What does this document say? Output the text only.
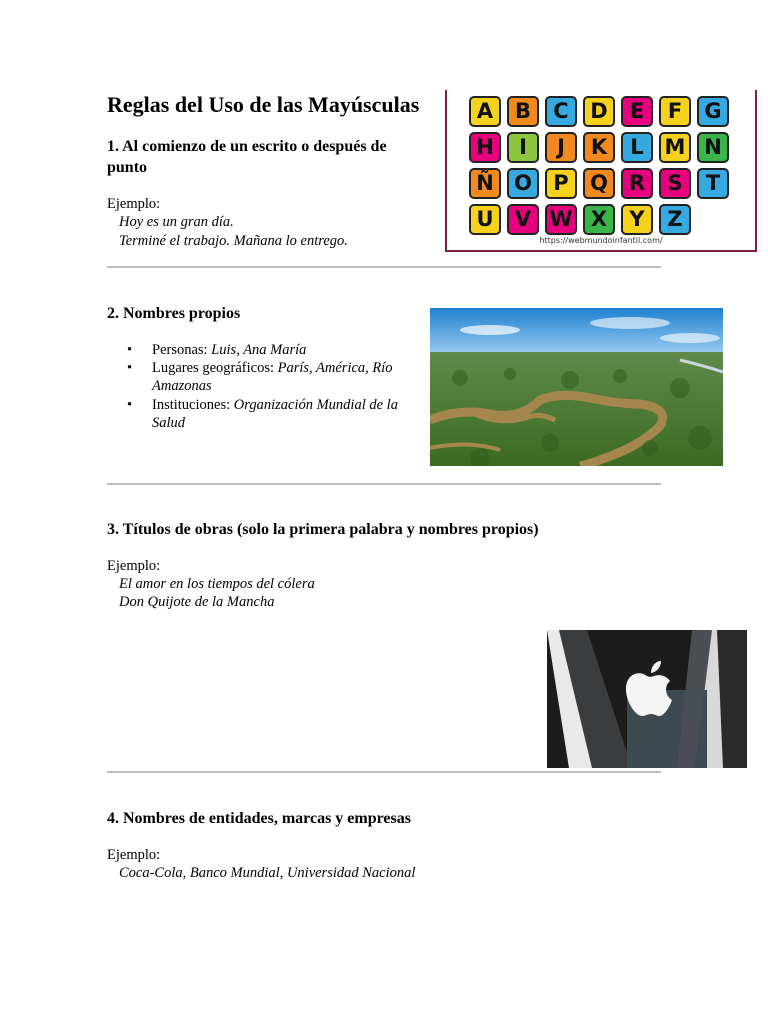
Reglas del Uso de las Mayúsculas
1. Al comienzo de un escrito o después de punto
Ejemplo:
Hoy es un gran día.
Terminé el trabajo. Mañana lo entrego.	https://webmundoinfantil.com/
A	B	C	D	E	F	G
H	I	J	K	L M N
Ñ O	P	Q R	S	T
U	V W X	Y	Z
2. Nombres propios
• Personas: Luis, Ana María
• Lugares geográficos: París, América, Río Amazonas
• Instituciones: Organización Mundial de la Salud
3. Títulos de obras (solo la primera palabra y nombres propios)
Ejemplo:
El amor en los tiempos del cólera
Don Quijote de la Mancha
4. Nombres de entidades, marcas y empresas
Ejemplo:
Coca-Cola, Banco Mundial, Universidad Nacional
